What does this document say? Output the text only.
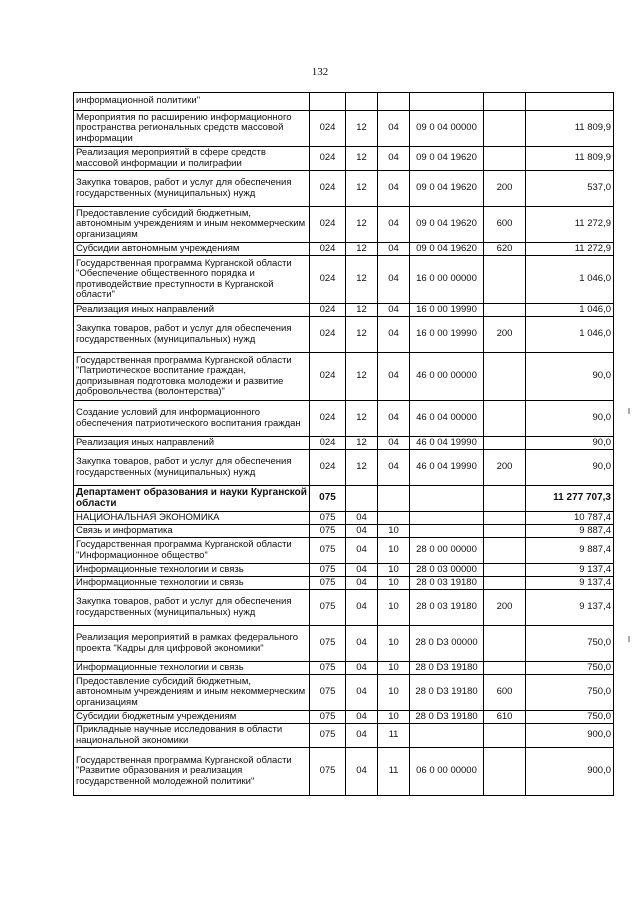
132
информационной политики"						
Мероприятия по расширению информационного пространства региональных средств массовой информации	024	12	04	09 0 04 00000		11 809,9
Реализация мероприятий в сфере средств массовой информации и полиграфии	024	12	04	09 0 04 19620		11 809,9
Закупка товаров, работ и услуг для обеспечения государственных (муниципальных) нужд	024	12	04	09 0 04 19620	200	537,0
Предоставление субсидий бюджетным, автономным учреждениям и иным некоммерческим организациям	024	12	04	09 0 04 19620	600	11 272,9
Субсидии автономным учреждениям	024	12	04	09 0 04 19620	620	11 272,9
Государственная программа Курганской области "Обеспечение общественного порядка и противодействие преступности в Курганской области"	024	12	04	16 0 00 00000		1 046,0
Реализация иных направлений	024	12	04	16 0 00 19990		1 046,0
Закупка товаров, работ и услуг для обеспечения государственных (муниципальных) нужд	024	12	04	16 0 00 19990	200	1 046,0
Государственная программа Курганской области "Патриотическое воспитание граждан, допризывная подготовка молодежи и развитие добровольчества (волонтерства)"	024	12	04	46 0 00 00000		90,0
Создание условий для информационного обеспечения патриотического воспитания граждан	024	12	04	46 0 04 00000		90,0
Реализация иных направлений	024	12	04	46 0 04 19990		90,0
Закупка товаров, работ и услуг для обеспечения государственных (муниципальных) нужд	024	12	04	46 0 04 19990	200	90,0
Департамент образования и науки Курганской области	075					11 277 707,3
НАЦИОНАЛЬНАЯ ЭКОНОМИКА	075	04				10 787,4
Связь и информатика	075	04	10			9 887,4
Государственная программа Курганской области "Информационное общество"	075	04	10	28 0 00 00000		9 887,4
Информационные технологии и связь	075	04	10	28 0 03 00000		9 137,4
Информационные технологии и связь	075	04	10	28 0 03 19180		9 137,4
Закупка товаров, работ и услуг для обеспечения государственных (муниципальных) нужд	075	04	10	28 0 03 19180	200	9 137,4
Реализация мероприятий в рамках федерального проекта "Кадры для цифровой экономики"	075	04	10	28 0 D3 00000		750,0
Информационные технологии и связь	075	04	10	28 0 D3 19180		750,0
Предоставление субсидий бюджетным, автономным учреждениям и иным некоммерческим организациям	075	04	10	28 0 D3 19180	600	750,0
Субсидии бюджетным учреждениям	075	04	10	28 0 D3 19180	610	750,0
Прикладные научные исследования в области национальной экономики	075	04	11			900,0
Государственная программа Курганской области "Развитие образования и реализация государственной молодежной политики"	075	04	11	06 0 00 00000		900,0
